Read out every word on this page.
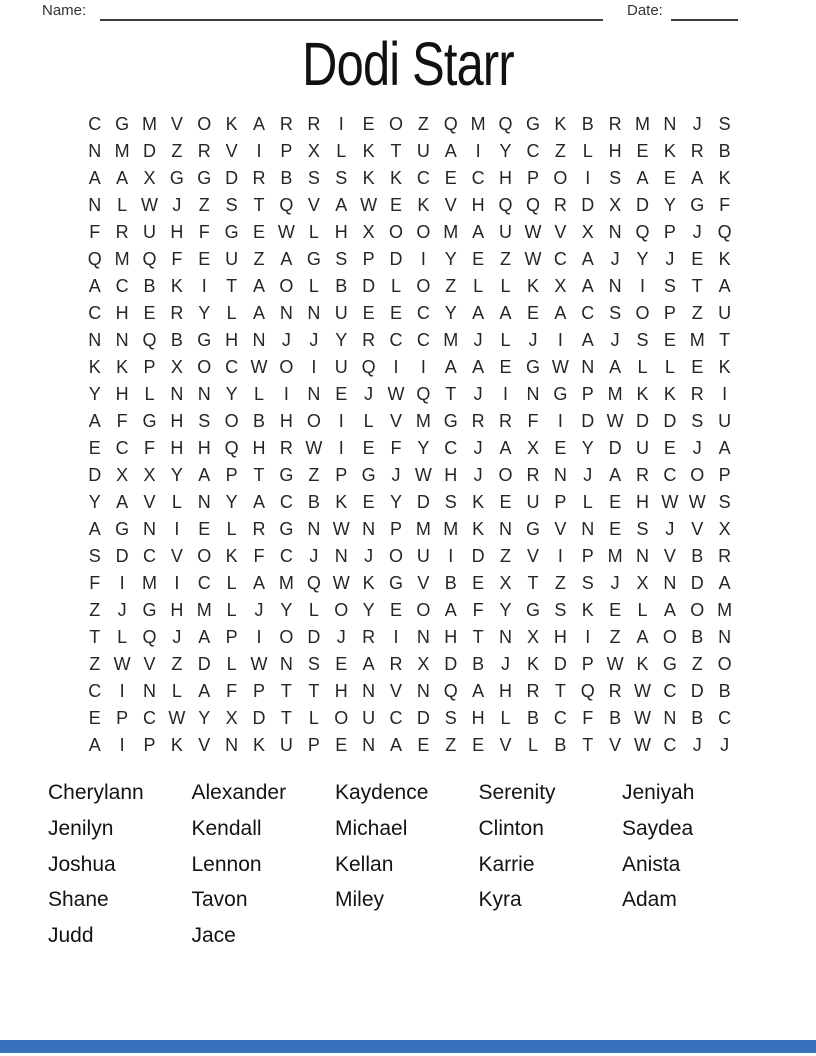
Name:	Date:
Dodi Starr
C G M V O K A R R	I	E O Z Q M Q G K B R M N J S
N M D Z R V	I	P X L K T U A	I	Y C Z L H E K R B
A A X G G D R B S S K K C E C H P O I	S A E A K
N L W J Z S T Q V A W E K V H Q Q R D X D Y G F
F R U H F G E W L H X O O M A U W V X N Q P J Q
Q M Q F E U Z A G S P D	I	Y E Z W C A J Y J E K
A C B K	I	T A O L B D L O Z L L K X A N	I	S T A
C H E R Y L A N N U E E C Y A A E A C S O P Z U
N N Q B G H N J	J Y R C C M J L J	I	A J S E M T
K K P X O C W O I	U Q I	I	A A E G W N A L L E K
Y H L N N Y L	I	N E J W Q T J	I	N G P M K K R	I
A F G H S O B H O I	L V M G R R F	I	D W D D S U
E C F H H Q H R W I	E F Y C J A X E Y D U E J A
D X X Y A P T G Z P G J W H J O R N J A R C O P
Y A V L N Y A C B K E Y D S K E U P L E H W W S
A G N	I	E L R G N W N P M M K N G V N E S J V X
S D C V O K F C J N J O U	I	D Z V	I	P M N V B R
F	I M I	C L A M Q W K G V B E X T Z S J X N D A
Z J G H M L J Y L O Y E O A F Y G S K E L A O M
T L Q J A P	I O D J R	I	N H T N X H	I	Z A O B N
Z W V Z D L W N S E A R X D B J K D P W K G Z O
C	I	N L A F P T T H N V N Q A H R T Q R W C D B
E P C W Y X D T L O U C D S H L B C F B W N B C
A	I	P K V N K U P E N A E Z E V L B T V W C J	J
Cherylann
Jenilyn
Joshua
Shane
Judd
Alexander
Kendall
Lennon
Tavon
Jace
Kaydence
Michael
Kellan
Miley
Serenity
Clinton
Karrie
Kyra
Jeniyah
Saydea
Anista
Adam
